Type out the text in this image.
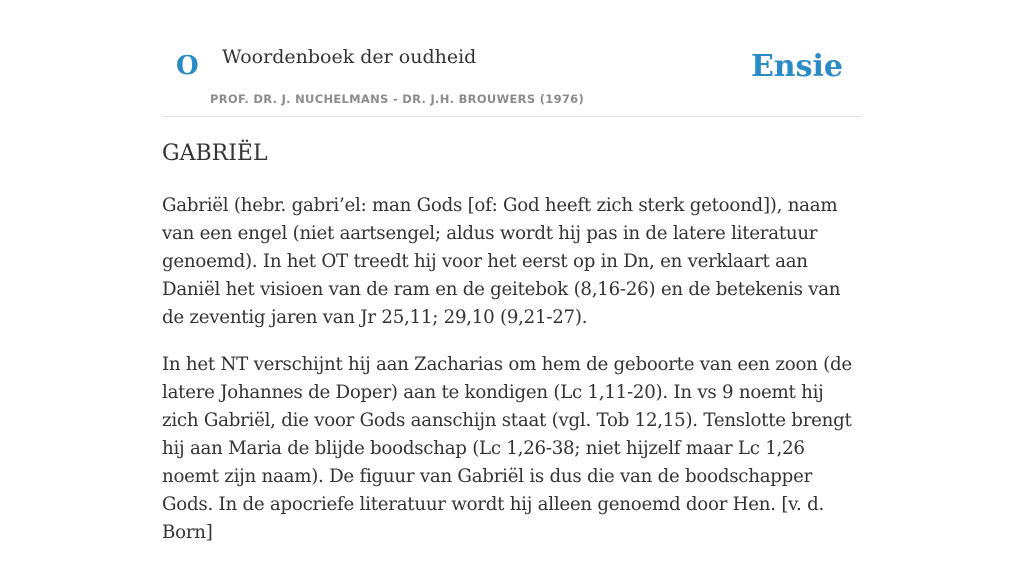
O Woordenboek der oudheid
PROF. DR. J. NUCHELMANS - DR. J.H. BROUWERS (1976)
Ensie
GABRIËL

Gabriël (hebr. gabri’el: man Gods [of: God heeft zich sterk getoond]), naam van een engel (niet aartsengel; aldus wordt hij pas in de latere literatuur genoemd). In het OT treedt hij voor het eerst op in Dn, en verklaart aan Daniël het visioen van de ram en de geitebok (8,16-26) en de betekenis van de zeventig jaren van Jr 25,11; 29,10 (9,21-27).

In het NT verschijnt hij aan Zacharias om hem de geboorte van een zoon (de latere Johannes de Doper) aan te kondigen (Lc 1,11-20). In vs 9 noemt hij zich Gabriël, die voor Gods aanschijn staat (vgl. Tob 12,15). Tenslotte brengt hij aan Maria de blijde boodschap (Lc 1,26-38; niet hijzelf maar Lc 1,26 noemt zijn naam). De figuur van Gabriël is dus die van de boodschapper Gods. In de apocriefe literatuur wordt hij alleen genoemd door Hen. [v. d. Born]
